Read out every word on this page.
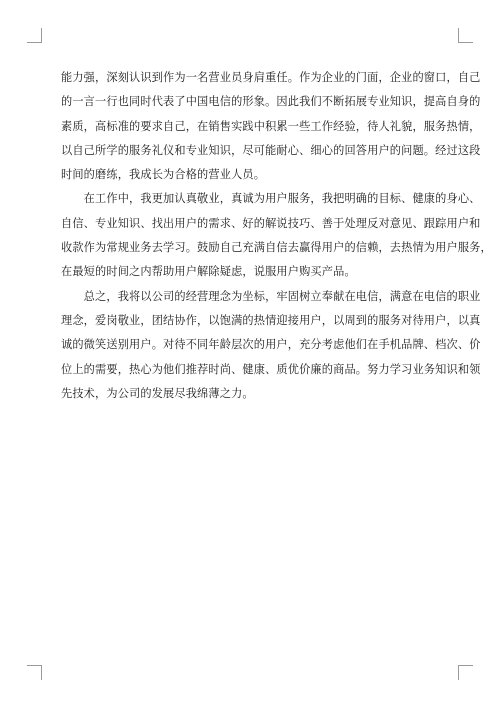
能力强，深刻认识到作为一名营业员身肩重任。作为企业的门面，企业的窗口，自己
的一言一行也同时代表了中国电信的形象。因此我们不断拓展专业知识，提高自身的
素质，高标准的要求自己，在销售实践中积累一些工作经验，待人礼貌，服务热情，
以自己所学的服务礼仪和专业知识，尽可能耐心、细心的回答用户的问题。经过这段
时间的磨练，我成长为合格的营业人员。
　　在工作中，我更加认真敬业，真诚为用户服务，我把明确的目标、健康的身心、
自信、专业知识、找出用户的需求、好的解说技巧、善于处理反对意见、跟踪用户和
收款作为常规业务去学习。鼓励自己充满自信去赢得用户的信赖，去热情为用户服务，
在最短的时间之内帮助用户解除疑虑，说服用户购买产品。
　　总之，我将以公司的经营理念为坐标，牢固树立奉献在电信，满意在电信的职业
理念，爱岗敬业，团结协作，以饱满的热情迎接用户，以周到的服务对待用户，以真
诚的微笑送别用户。对待不同年龄层次的用户，充分考虑他们在手机品牌、档次、价
位上的需要，热心为他们推荐时尚、健康、质优价廉的商品。努力学习业务知识和领
先技术，为公司的发展尽我绵薄之力。
